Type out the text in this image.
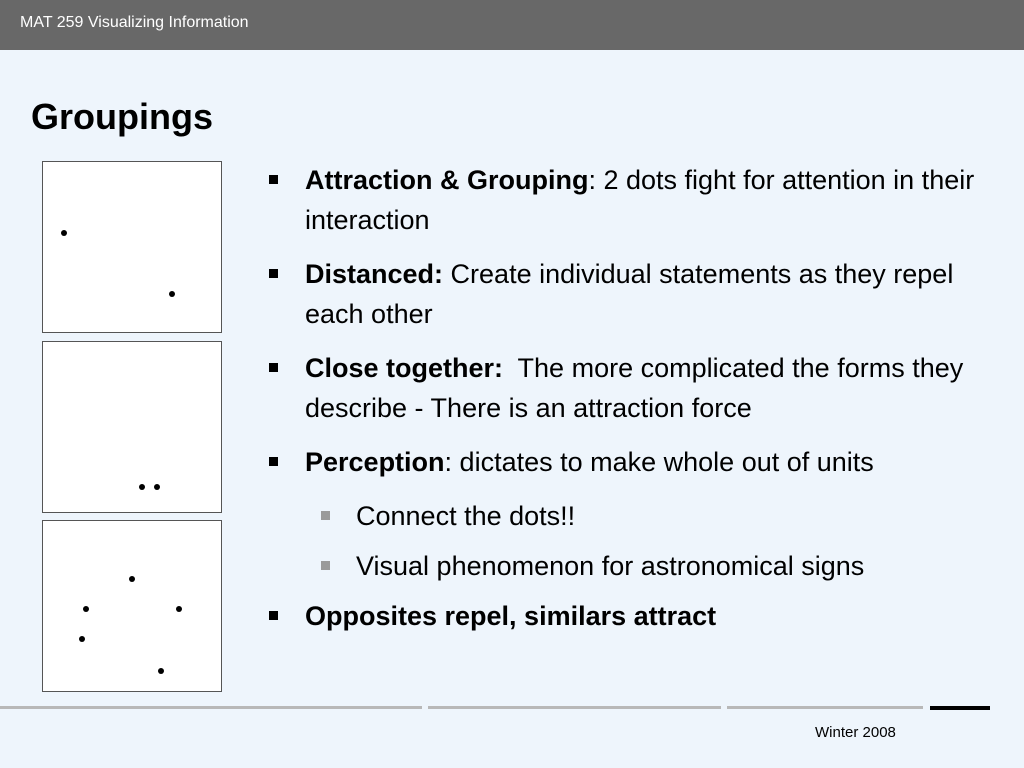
MAT 259 Visualizing Information
Groupings
Attraction & Grouping: 2 dots fight for attention in their interaction
Distanced: Create individual statements as they repel each other
Close together:  The more complicated the forms they describe - There is an attraction force
Perception: dictates to make whole out of units
Connect the dots!!
Visual phenomenon for astronomical signs
Opposites repel, similars attract
Winter 2008
